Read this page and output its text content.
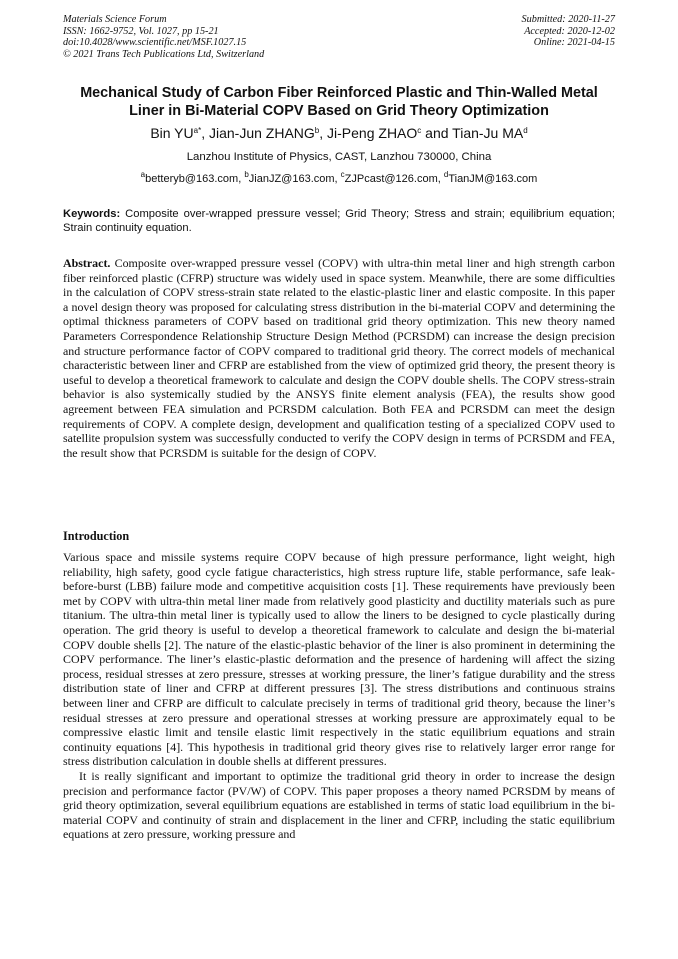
Materials Science Forum
ISSN: 1662-9752, Vol. 1027, pp 15-21
doi:10.4028/www.scientific.net/MSF.1027.15
© 2021 Trans Tech Publications Ltd, Switzerland
Submitted: 2020-11-27
Accepted: 2020-12-02
Online: 2021-04-15
Mechanical Study of Carbon Fiber Reinforced Plastic and Thin-Walled Metal Liner in Bi-Material COPV Based on Grid Theory Optimization
Bin $YU^{a*}$, Jian-Jun ZHANG$^b$, Ji-Peng ZHAO$^c$ and Tian-Ju $MA^d$
Lanzhou Institute of Physics, CAST, Lanzhou 730000, China
$^a$betteryb@163.com, $^b$JianJZ@163.com, $^c$ZJPcast@126.com, $^d$TianJM@163.com
Keywords: Composite over-wrapped pressure vessel; Grid Theory; Stress and strain; equilibrium equation; Strain continuity equation.
Abstract. Composite over-wrapped pressure vessel (COPV) with ultra-thin metal liner and high strength carbon fiber reinforced plastic (CFRP) structure was widely used in space system. Meanwhile, there are some difficulties in the calculation of COPV stress-strain state related to the elastic-plastic liner and elastic composite. In this paper a novel design theory was proposed for calculating stress distribution in the bi-material COPV and determining the optimal thickness parameters of COPV based on traditional grid theory optimization. This new theory named Parameters Correspondence Relationship Structure Design Method (PCRSDM) can increase the design precision and structure performance factor of COPV compared to traditional grid theory. The correct models of mechanical characteristic between liner and CFRP are established from the view of optimized grid theory, the present theory is useful to develop a theoretical framework to calculate and design the COPV double shells. The COPV stress-strain behavior is also systemically studied by the ANSYS finite element analysis (FEA), the results show good agreement between FEA simulation and PCRSDM calculation. Both FEA and PCRSDM can meet the design requirements of COPV. A complete design, development and qualification testing of a specialized COPV used to satellite propulsion system was successfully conducted to verify the COPV design in terms of PCRSDM and FEA, the result show that PCRSDM is suitable for the design of COPV.
Introduction

Various space and missile systems require COPV because of high pressure performance, light weight, high reliability, high safety, good cycle fatigue characteristics, high stress rupture life, stable performance, safe leak-before-burst (LBB) failure mode and competitive acquisition costs [1]. These requirements have previously been met by COPV with ultra-thin metal liner made from relatively good plasticity and ductility materials such as pure titanium. The ultra-thin metal liner is typically used to allow the liners to be designed to cycle plastically during operation. The grid theory is useful to develop a theoretical framework to calculate and design the bi-material COPV double shells [2]. The nature of the elastic-plastic behavior of the liner is also prominent in determining the COPV performance. The liner’s elastic-plastic deformation and the presence of hardening will affect the sizing process, residual stresses at zero pressure, stresses at working pressure, the liner’s fatigue durability and the stress distribution state of liner and CFRP at different pressures [3]. The stress distributions and continuous strains between liner and CFRP are difficult to calculate precisely in terms of traditional grid theory, because the liner’s residual stresses at zero pressure and operational stresses at working pressure are approximately equal to be compressive elastic limit and tensile elastic limit respectively in the static equilibrium equations and strain continuity equations [4]. This hypothesis in traditional grid theory gives rise to relatively larger error range for stress distribution calculation in double shells at different pressures.

It is really significant and important to optimize the traditional grid theory in order to increase the design precision and performance factor (PV/W) of COPV. This paper proposes a theory named PCRSDM by means of grid theory optimization, several equilibrium equations are established in terms of static load equilibrium in the bi-material COPV and continuity of strain and displacement in the liner and CFRP, including the static equilibrium equations at zero pressure, working pressure and
